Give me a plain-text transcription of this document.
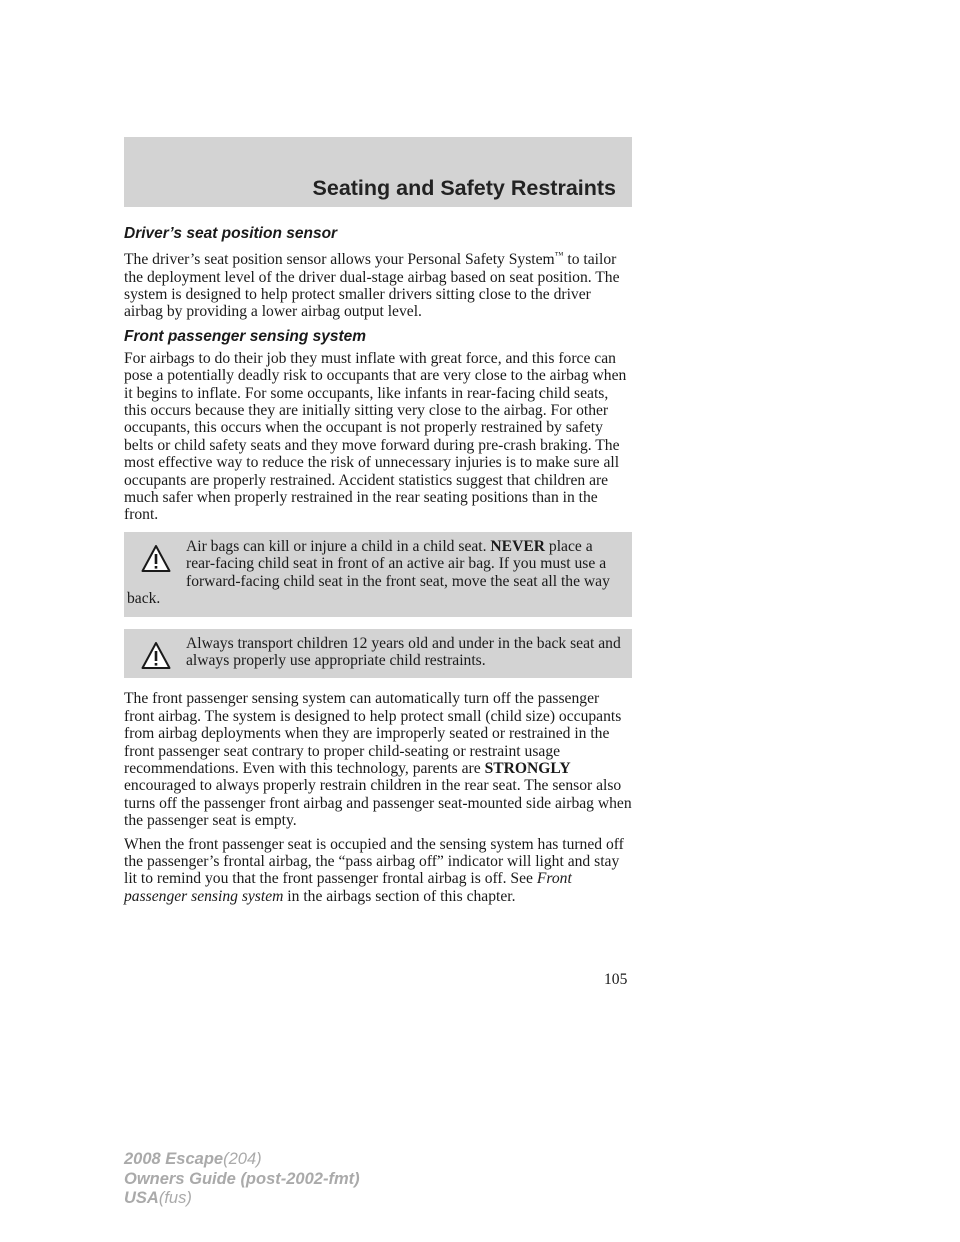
Seating and Safety Restraints
Driver’s seat position sensor

The driver’s seat position sensor allows your Personal Safety System™ to tailor the deployment level of the driver dual-stage airbag based on seat position. The system is designed to help protect smaller drivers sitting close to the driver airbag by providing a lower airbag output level.

Front passenger sensing system

For airbags to do their job they must inflate with great force, and this force can pose a potentially deadly risk to occupants that are very close to the airbag when it begins to inflate. For some occupants, like infants in rear-facing child seats, this occurs because they are initially sitting very close to the airbag. For other occupants, this occurs when the occupant is not properly restrained by safety belts or child safety seats and they move forward during pre-crash braking. The most effective way to reduce the risk of unnecessary injuries is to make sure all occupants are properly restrained. Accident statistics suggest that children are much safer when properly restrained in the rear seating positions than in the front.

Air bags can kill or injure a child in a child seat. NEVER place a rear-facing child seat in front of an active air bag. If you must use a forward-facing child seat in the front seat, move the seat all the way back.
Always transport children 12 years old and under in the back seat and always properly use appropriate child restraints.

The front passenger sensing system can automatically turn off the passenger front airbag. The system is designed to help protect small (child size) occupants from airbag deployments when they are improperly seated or restrained in the front passenger seat contrary to proper child-seating or restraint usage recommendations. Even with this technology, parents are STRONGLY encouraged to always properly restrain children in the rear seat. The sensor also turns off the passenger front airbag and passenger seat-mounted side airbag when the passenger seat is empty.

When the front passenger seat is occupied and the sensing system has turned off the passenger’s frontal airbag, the “pass airbag off” indicator will light and stay lit to remind you that the front passenger frontal airbag is off. See Front passenger sensing system in the airbags section of this chapter.

105
2008 Escape(204)
Owners Guide (post-2002-fmt)
USA(fus)
